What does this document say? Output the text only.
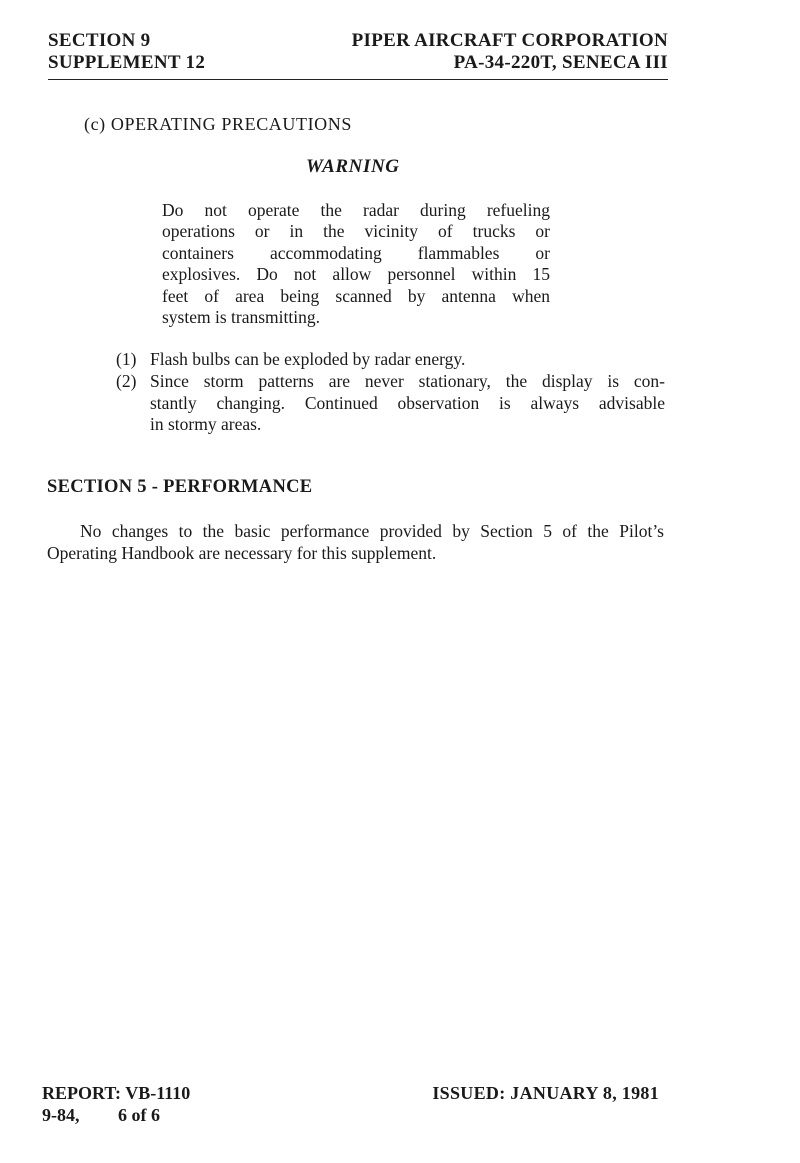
SECTION 9
SUPPLEMENT 12
PIPER AIRCRAFT CORPORATION
PA-34-220T, SENECA III
(c) OPERATING PRECAUTIONS
WARNING
Do not operate the radar during refueling
operations or in the vicinity of trucks or
containers accommodating flammables or
explosives. Do not allow personnel within 15
feet of area being scanned by antenna when
system is transmitting.
(1) Flash bulbs can be exploded by radar energy.
(2) Since storm patterns are never stationary, the display is con-
stantly changing. Continued observation is always advisable
in stormy areas.
SECTION 5 - PERFORMANCE
No changes to the basic performance provided by Section 5 of the Pilot’s
Operating Handbook are necessary for this supplement.
REPORT: VB-1110
9-84, 6 of 6
ISSUED: JANUARY 8, 1981
